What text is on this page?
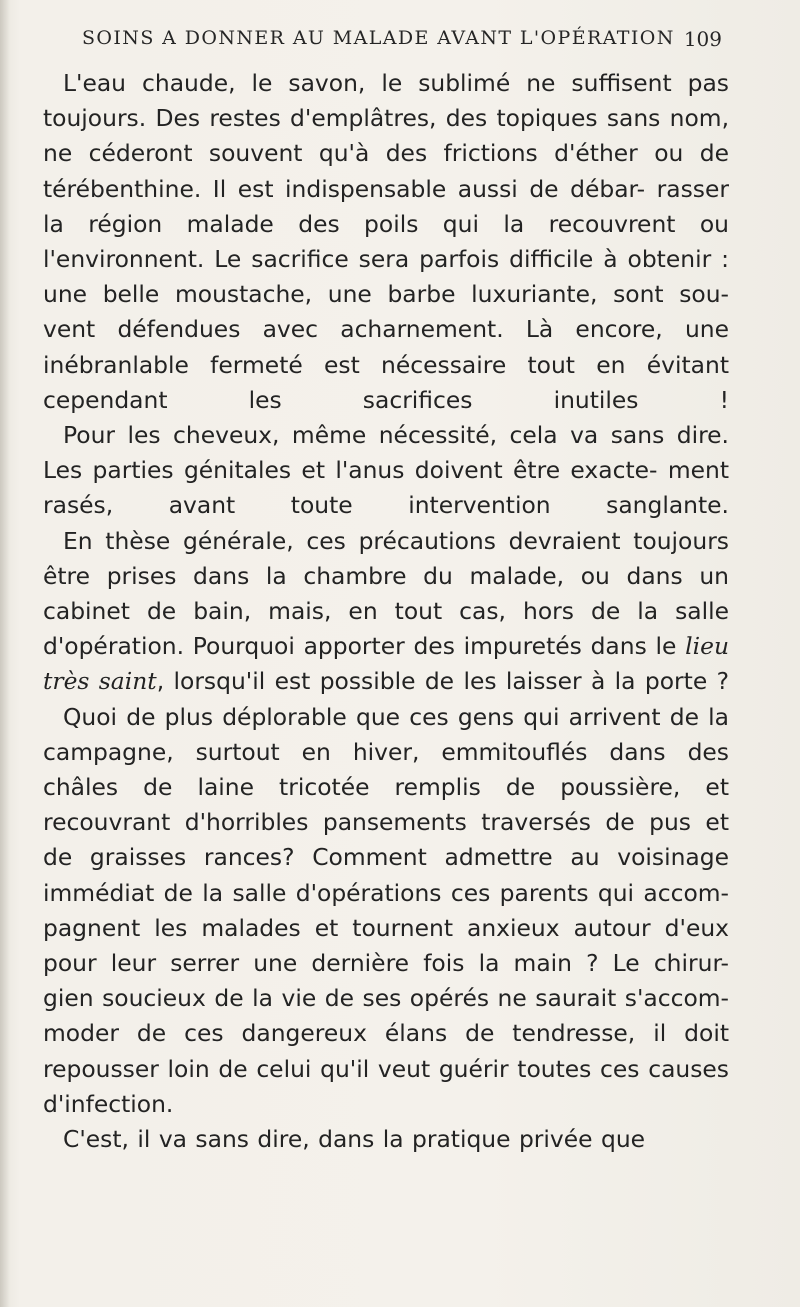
SOINS A DONNER AU MALADE AVANT L'OPÉRATION 109

L'eau chaude, le savon, le sublimé ne suffisent pas toujours. Des restes d'emplâtres, des topiques sans nom, ne céderont souvent qu'à des frictions d'éther ou de térébenthine. Il est indispensable aussi de débar- rasser la région malade des poils qui la recouvrent ou l'environnent. Le sacrifice sera parfois difficile à obtenir : une belle moustache, une barbe luxuriante, sont sou- vent défendues avec acharnement. Là encore, une inébranlable fermeté est nécessaire tout en évitant cependant les sacrifices inutiles !

Pour les cheveux, même nécessité, cela va sans dire. Les parties génitales et l'anus doivent être exacte- ment rasés, avant toute intervention sanglante.

En thèse générale, ces précautions devraient toujours être prises dans la chambre du malade, ou dans un cabinet de bain, mais, en tout cas, hors de la salle d'opération. Pourquoi apporter des impuretés dans le lieu très saint, lorsqu'il est possible de les laisser à la porte ?

Quoi de plus déplorable que ces gens qui arrivent de la campagne, surtout en hiver, emmitouflés dans des châles de laine tricotée remplis de poussière, et recouvrant d'horribles pansements traversés de pus et de graisses rances? Comment admettre au voisinage immédiat de la salle d'opérations ces parents qui accom- pagnent les malades et tournent anxieux autour d'eux pour leur serrer une dernière fois la main ? Le chirur- gien soucieux de la vie de ses opérés ne saurait s'accom- moder de ces dangereux élans de tendresse, il doit repousser loin de celui qu'il veut guérir toutes ces causes d'infection.

C'est, il va sans dire, dans la pratique privée que
